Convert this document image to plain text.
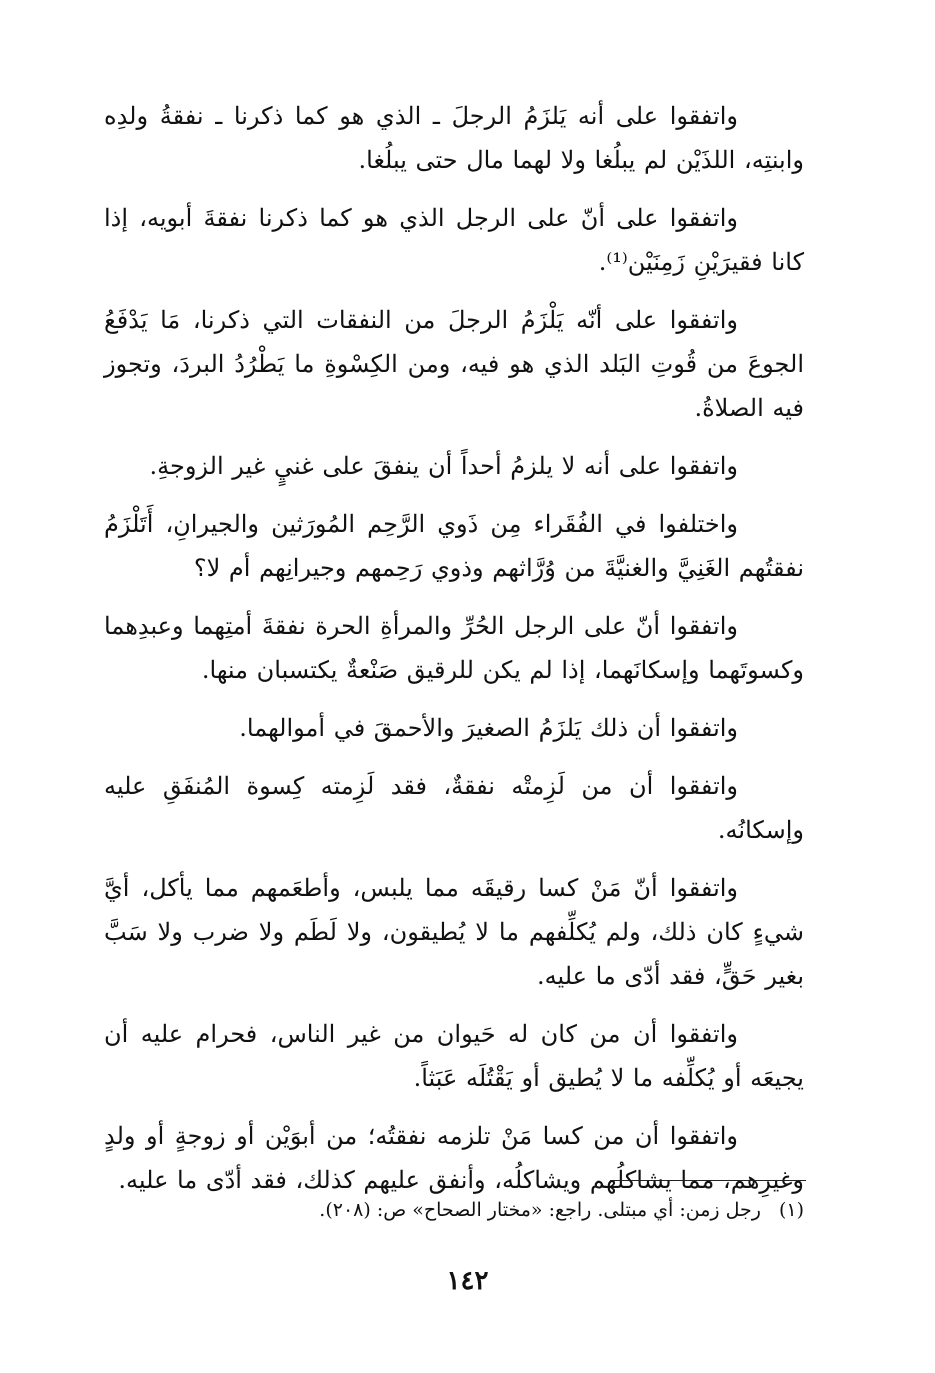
واتفقوا على أنه يَلزَمُ الرجلَ ـ الذي هو كما ذكرنا ـ نفقةُ ولدِه وابنتِه، اللذَيْن لم يبلُغا ولا لهما مال حتى يبلُغا.

واتفقوا على أنّ على الرجل الذي هو كما ذكرنا نفقةَ أبويه، إذا كانا فقيرَيْنِ زَمِنَيْن⁽¹⁾.

واتفقوا على أنّه يَلْزَمُ الرجلَ من النفقات التي ذكرنا، مَا يَدْفَعُ الجوعَ من قُوتِ البَلد الذي هو فيه، ومن الكِسْوةِ ما يَطْرُدُ البردَ، وتجوز فيه الصلاةُ.

واتفقوا على أنه لا يلزمُ أحداً أن ينفقَ على غنيٍ غير الزوجةِ.

واختلفوا في الفُقَراء مِن ذَوي الرَّحِم المُورَثين والجيرانِ، أَتَلْزَمُ نفقتُهم الغَنِيَّ والغنيَّةَ من وُرَّاثهم وذوي رَحِمهم وجيرانِهم أم لا؟

واتفقوا أنّ على الرجل الحُرِّ والمرأةِ الحرة نفقةَ أمتِهما وعبدِهما وكسوتَهما وإسكانَهما، إذا لم يكن للرقيق صَنْعةٌ يكتسبان منها.

واتفقوا أن ذلك يَلزَمُ الصغيرَ والأحمقَ في أموالهما.

واتفقوا أن من لَزِمتْه نفقةٌ، فقد لَزِمته كِسوة المُنفَقِ عليه وإسكانُه.

واتفقوا أنّ مَنْ كسا رقيقَه مما يلبس، وأطعَمهم مما يأكل، أيَّ شيءٍ كان ذلك، ولم يُكلِّفهم ما لا يُطيقون، ولا لَطَم ولا ضرب ولا سَبَّ بغير حَقٍّ، فقد أدّى ما عليه.

واتفقوا أن من كان له حَيوان من غير الناس، فحرام عليه أن يجيعَه أو يُكلِّفه ما لا يُطيق أو يَقْتُلَه عَبَثاً.

واتفقوا أن من كسا مَنْ تلزمه نفقتُه؛ من أبوَيْن أو زوجةٍ أو ولدٍ وغيرِهم، مما يشاكلُهم ويشاكلُه، وأنفق عليهم كذلك، فقد أدّى ما عليه.

(١)رجل زمن: أي مبتلى. راجع: «مختار الصحاح» ص: (٢٠٨).
١٤٢
